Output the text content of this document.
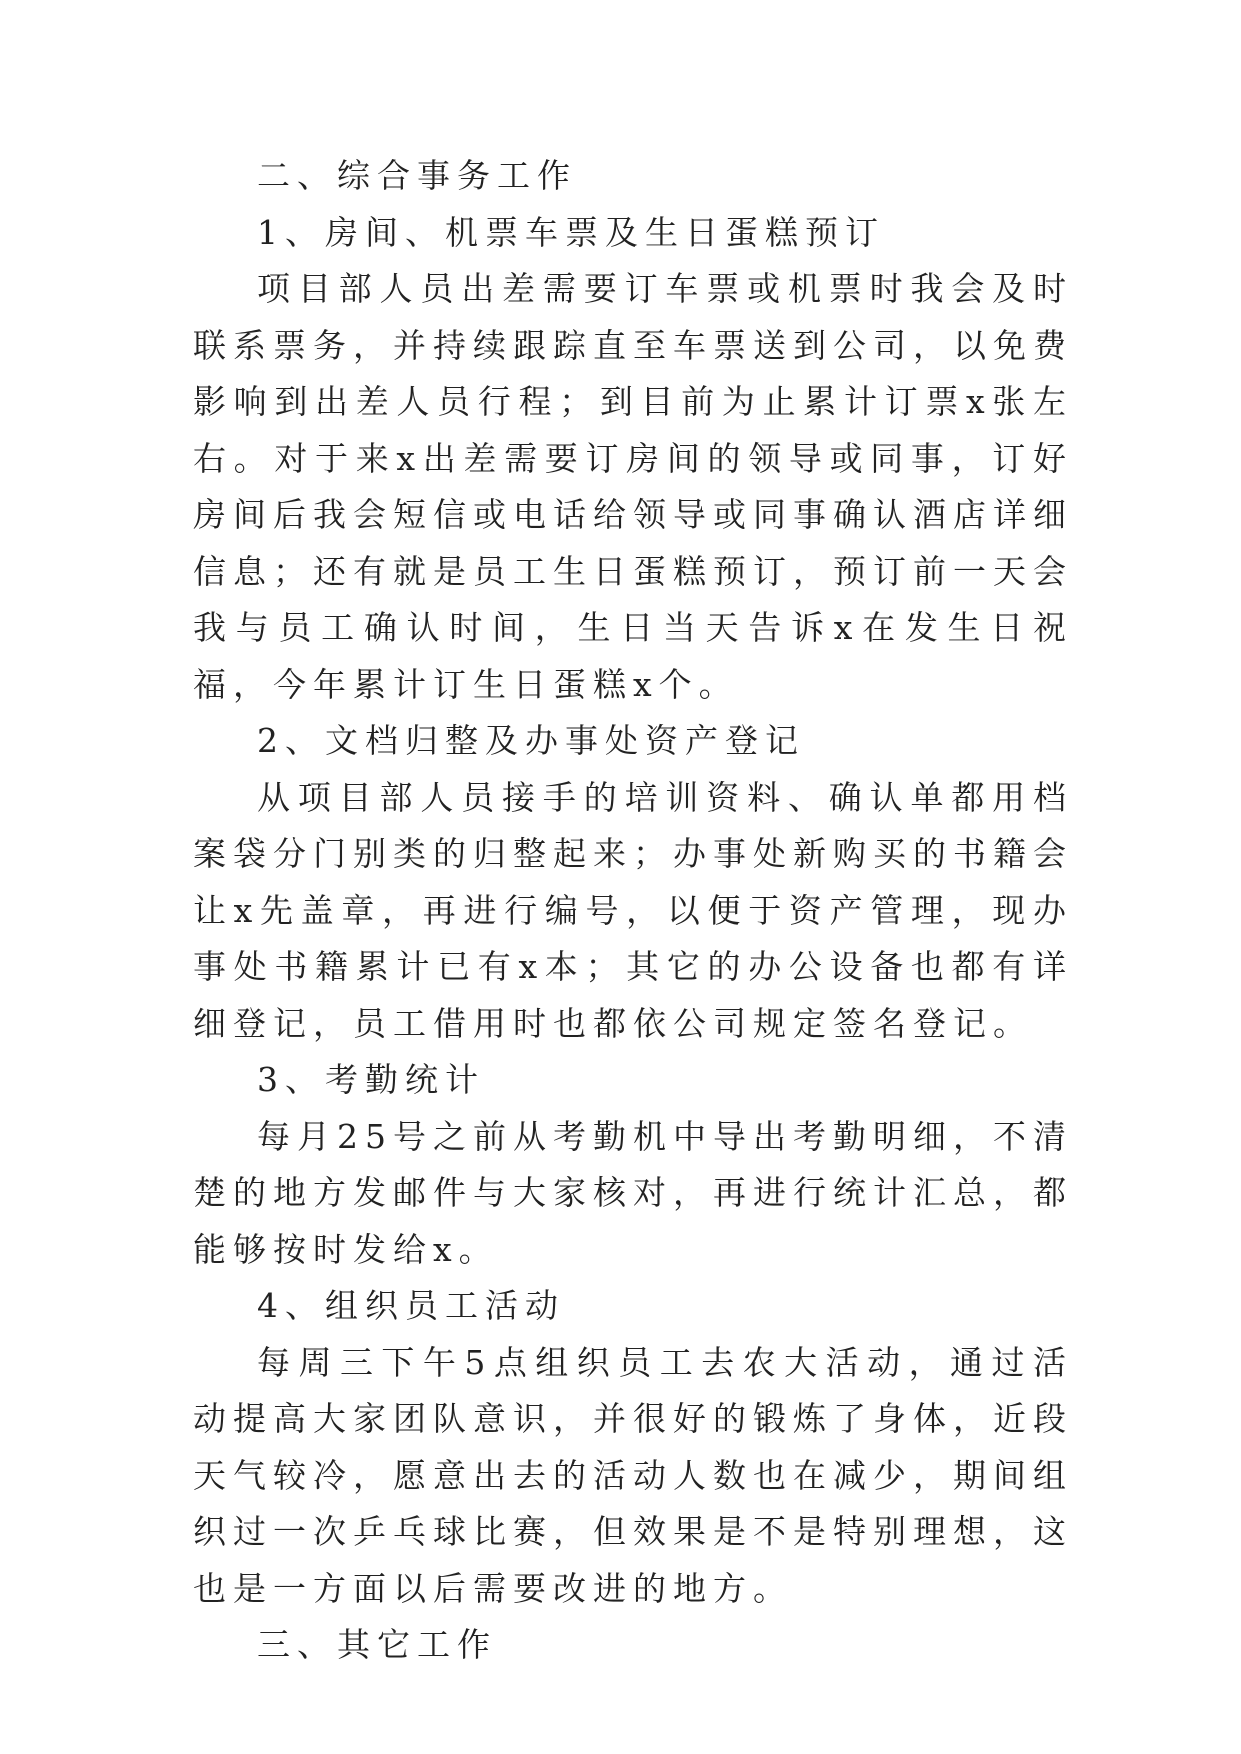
二、综合事务工作

1、房间、机票车票及生日蛋糕预订

项目部人员出差需要订车票或机票时我会及时联系票务，并持续跟踪直至车票送到公司，以免费影响到出差人员行程；到目前为止累计订票x张左右。对于来x出差需要订房间的领导或同事，订好房间后我会短信或电话给领导或同事确认酒店详细信息；还有就是员工生日蛋糕预订，预订前一天会我与员工确认时间，生日当天告诉x在发生日祝福，今年累计订生日蛋糕x个。

2、文档归整及办事处资产登记

从项目部人员接手的培训资料、确认单都用档案袋分门别类的归整起来；办事处新购买的书籍会让x先盖章，再进行编号，以便于资产管理，现办事处书籍累计已有x本；其它的办公设备也都有详细登记，员工借用时也都依公司规定签名登记。

3、考勤统计

每月25号之前从考勤机中导出考勤明细，不清楚的地方发邮件与大家核对，再进行统计汇总，都能够按时发给x。

4、组织员工活动

每周三下午5点组织员工去农大活动，通过活动提高大家团队意识，并很好的锻炼了身体，近段天气较冷，愿意出去的活动人数也在减少，期间组织过一次乒乓球比赛，但效果是不是特别理想，这也是一方面以后需要改进的地方。

三、其它工作
